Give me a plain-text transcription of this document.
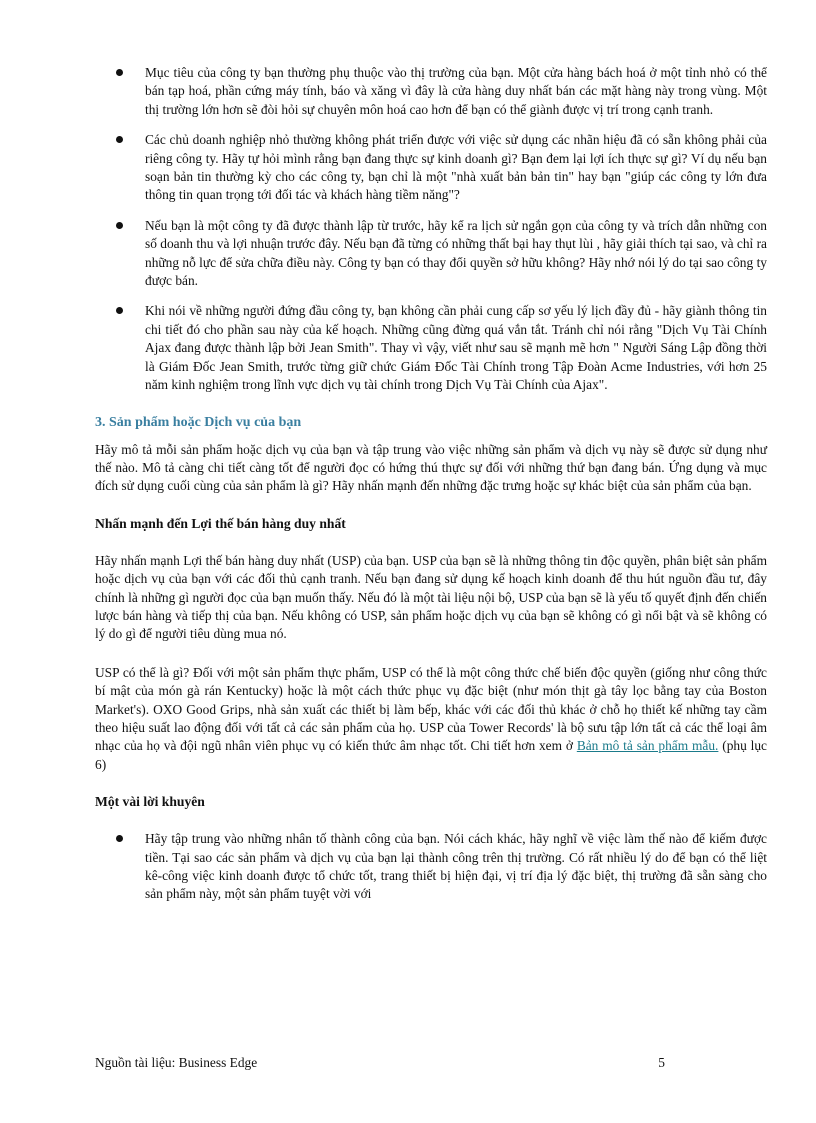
Mục tiêu của công ty bạn thường phụ thuộc vào thị trường của bạn. Một cửa hàng bách hoá ở một tỉnh nhỏ có thể bán tạp hoá, phần cứng máy tính, báo và xăng vì đây là cửa hàng duy nhất bán các mặt hàng này trong vùng. Một thị trường lớn hơn sẽ đòi hỏi sự chuyên môn hoá cao hơn để bạn có thể giành được vị trí trong cạnh tranh.
Các chủ doanh nghiệp nhỏ thường không phát triển được với việc sử dụng các nhãn hiệu đã có sẵn không phải của riêng công ty. Hãy tự hỏi mình rằng bạn đang thực sự kinh doanh gì? Bạn đem lại lợi ích thực sự gì? Ví dụ nếu bạn soạn bản tin thường kỳ cho các công ty, bạn chỉ là một "nhà xuất bản bản tin" hay bạn "giúp các công ty lớn đưa thông tin quan trọng tới đối tác và khách hàng tiềm năng"?
Nếu bạn là một công ty đã được thành lập từ trước, hãy kể ra lịch sử ngắn gọn của công ty và trích dẫn những con số doanh thu và lợi nhuận trước đây. Nếu bạn đã từng có những thất bại hay thụt lùi , hãy giải thích tại sao, và chỉ ra những nỗ lực để sửa chữa điều này. Công ty bạn có thay đổi quyền sở hữu không? Hãy nhớ nói lý do tại sao công ty được bán.
Khi nói về những người đứng đầu công ty, bạn không cần phải cung cấp sơ yếu lý lịch đầy đủ - hãy giành thông tin chi tiết đó cho phần sau này của kế hoạch. Những cũng đừng quá vắn tắt. Tránh chỉ nói rằng "Dịch Vụ Tài Chính Ajax đang được thành lập bởi Jean Smith". Thay vì vậy, viết như sau sẽ mạnh mẽ hơn " Người Sáng Lập đồng thời là Giám Đốc Jean Smith, trước từng giữ chức Giám Đốc Tài Chính trong Tập Đoàn Acme Industries, với hơn 25 năm kinh nghiệm trong lĩnh vực dịch vụ tài chính trong Dịch Vụ Tài Chính của Ajax".
3. Sản phẩm hoặc Dịch vụ của bạn

Hãy mô tả mỗi sản phẩm hoặc dịch vụ của bạn và tập trung vào việc những sản phẩm và dịch vụ này sẽ được sử dụng như thế nào. Mô tả càng chi tiết càng tốt để người đọc có hứng thú thực sự đối với những thứ bạn đang bán. Ứng dụng và mục đích sử dụng cuối cùng của sản phẩm là gì? Hãy nhấn mạnh đến những đặc trưng hoặc sự khác biệt của sản phẩm của bạn.

Nhấn mạnh đến Lợi thế bán hàng duy nhất

Hãy nhấn mạnh Lợi thế bán hàng duy nhất (USP) của bạn. USP của bạn sẽ là những thông tin độc quyền, phân biệt sản phẩm hoặc dịch vụ của bạn với các đối thủ cạnh tranh. Nếu bạn đang sử dụng kế hoạch kinh doanh để thu hút nguồn đầu tư, đây chính là những gì người đọc của bạn muốn thấy. Nếu đó là một tài liệu nội bộ, USP của bạn sẽ là yếu tố quyết định đến chiến lược bán hàng và tiếp thị của bạn. Nếu không có USP, sản phẩm hoặc dịch vụ của bạn sẽ không có gì nổi bật và sẽ không có lý do gì để người tiêu dùng mua nó.

USP có thể là gì? Đối với một sản phẩm thực phẩm, USP có thể là một công thức chế biến độc quyền (giống như công thức bí mật của món gà rán Kentucky) hoặc là một cách thức phục vụ đặc biệt (như món thịt gà tây lọc bằng tay của Boston Market's). OXO Good Grips, nhà sản xuất các thiết bị làm bếp, khác với các đối thủ khác ở chỗ họ thiết kế những tay cầm theo hiệu suất lao động đối với tất cả các sản phẩm của họ. USP của Tower Records' là bộ sưu tập lớn tất cả các thể loại âm nhạc của họ và đội ngũ nhân viên phục vụ có kiến thức âm nhạc tốt. Chi tiết hơn xem ở Bản mô tả sản phẩm mẫu. (phụ lục 6)

Một vài lời khuyên
Hãy tập trung vào những nhân tố thành công của bạn. Nói cách khác, hãy nghĩ về việc làm thế nào để kiếm được tiền. Tại sao các sản phẩm và dịch vụ của bạn lại thành công trên thị trường. Có rất nhiều lý do để bạn có thể liệt kê-công việc kinh doanh được tổ chức tốt, trang thiết bị hiện đại, vị trí địa lý đặc biệt, thị trường đã sẵn sàng cho sản phẩm này, một sản phẩm tuyệt vời với
Nguồn tài liệu: Business Edge	5
